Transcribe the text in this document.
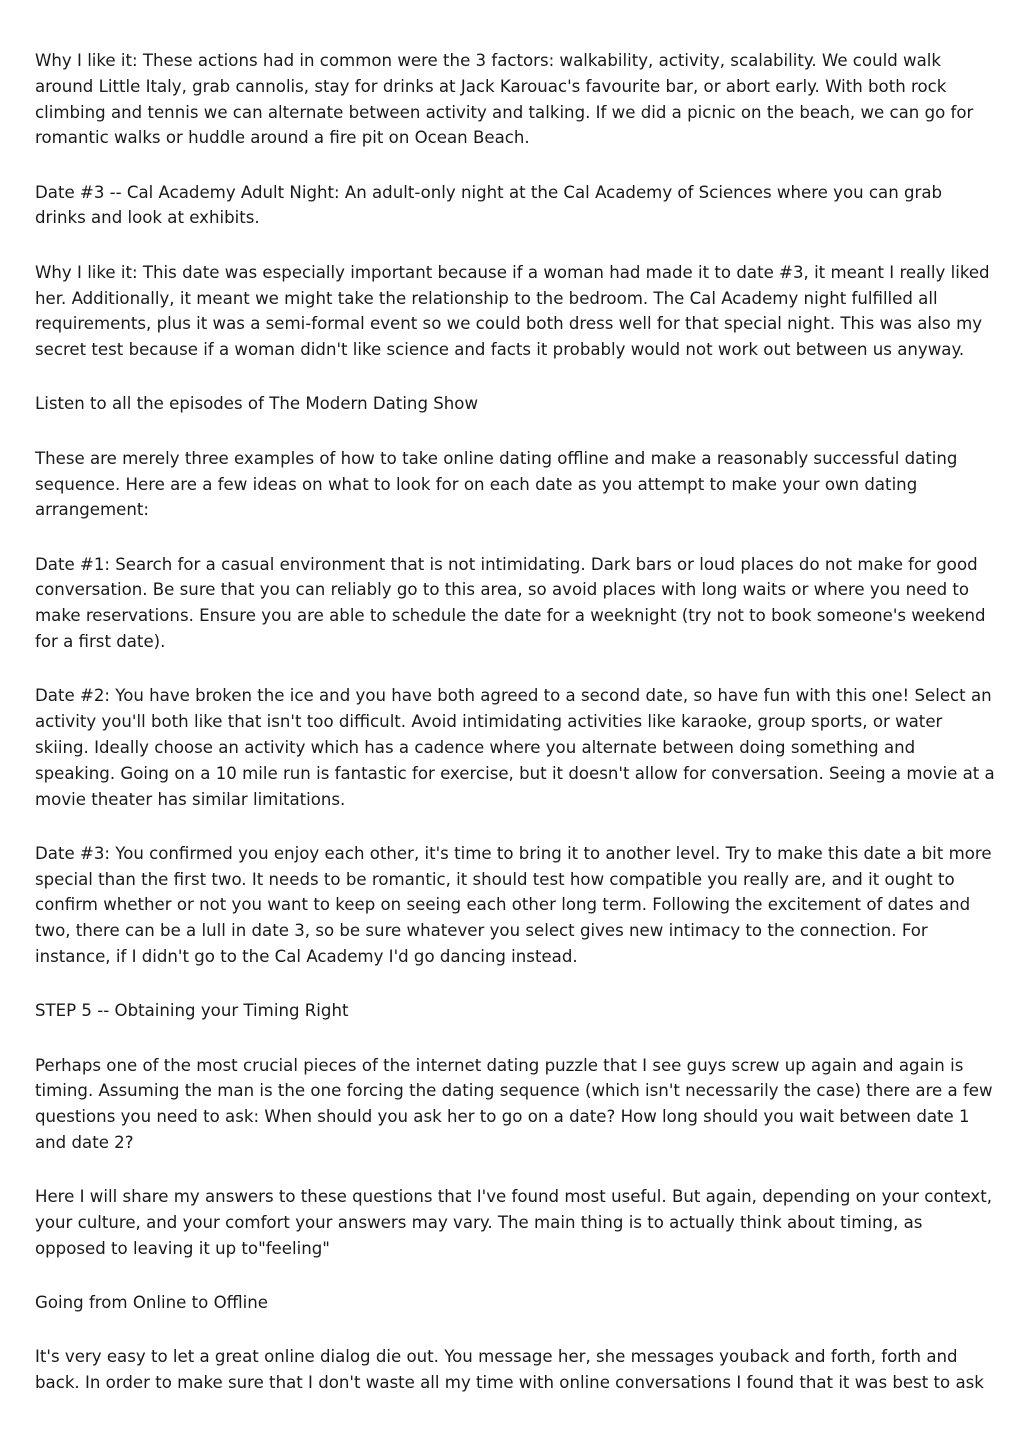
Why I like it: These actions had in common were the 3 factors: walkability, activity, scalability. We could walk around Little Italy, grab cannolis, stay for drinks at Jack Karouac's favourite bar, or abort early. With both rock climbing and tennis we can alternate between activity and talking. If we did a picnic on the beach, we can go for romantic walks or huddle around a fire pit on Ocean Beach.

Date #3 -- Cal Academy Adult Night: An adult-only night at the Cal Academy of Sciences where you can grab drinks and look at exhibits.

Why I like it: This date was especially important because if a woman had made it to date #3, it meant I really liked her. Additionally, it meant we might take the relationship to the bedroom. The Cal Academy night fulfilled all requirements, plus it was a semi-formal event so we could both dress well for that special night. This was also my secret test because if a woman didn't like science and facts it probably would not work out between us anyway.

Listen to all the episodes of The Modern Dating Show

These are merely three examples of how to take online dating offline and make a reasonably successful dating sequence. Here are a few ideas on what to look for on each date as you attempt to make your own dating arrangement:

Date #1: Search for a casual environment that is not intimidating. Dark bars or loud places do not make for good conversation. Be sure that you can reliably go to this area, so avoid places with long waits or where you need to make reservations. Ensure you are able to schedule the date for a weeknight (try not to book someone's weekend for a first date).

Date #2: You have broken the ice and you have both agreed to a second date, so have fun with this one! Select an activity you'll both like that isn't too difficult. Avoid intimidating activities like karaoke, group sports, or water skiing. Ideally choose an activity which has a cadence where you alternate between doing something and speaking. Going on a 10 mile run is fantastic for exercise, but it doesn't allow for conversation. Seeing a movie at a movie theater has similar limitations.

Date #3: You confirmed you enjoy each other, it's time to bring it to another level. Try to make this date a bit more special than the first two. It needs to be romantic, it should test how compatible you really are, and it ought to confirm whether or not you want to keep on seeing each other long term. Following the excitement of dates and two, there can be a lull in date 3, so be sure whatever you select gives new intimacy to the connection. For instance, if I didn't go to the Cal Academy I'd go dancing instead.

STEP 5 -- Obtaining your Timing Right

Perhaps one of the most crucial pieces of the internet dating puzzle that I see guys screw up again and again is timing. Assuming the man is the one forcing the dating sequence (which isn't necessarily the case) there are a few questions you need to ask: When should you ask her to go on a date? How long should you wait between date 1 and date 2?

Here I will share my answers to these questions that I've found most useful. But again, depending on your context, your culture, and your comfort your answers may vary. The main thing is to actually think about timing, as opposed to leaving it up to"feeling"

Going from Online to Offline

It's very easy to let a great online dialog die out. You message her, she messages youback and forth, forth and back. In order to make sure that I don't waste all my time with online conversations I found that it was best to ask
